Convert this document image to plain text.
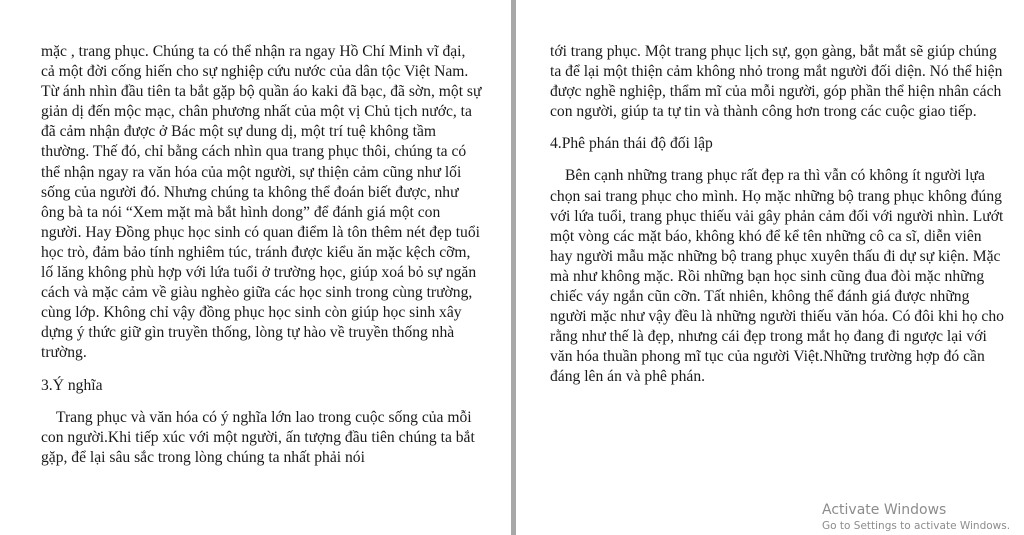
mặc , trang phục. Chúng ta có thể nhận ra ngay Hồ Chí Minh vĩ đại, cả một đời cống hiến cho sự nghiệp cứu nước của dân tộc Việt Nam. Từ ánh nhìn đầu tiên ta bắt gặp bộ quần áo kaki đã bạc, đã sờn, một sự giản dị đến mộc mạc, chân phương nhất của một vị Chủ tịch nước, ta đã cảm nhận được ở Bác một sự dung dị, một trí tuệ không tầm thường. Thế đó, chỉ bằng cách nhìn qua trang phục thôi, chúng ta có thể nhận ngay ra văn hóa của một người, sự thiện cảm cũng như lối sống của người đó. Nhưng chúng ta không thể đoán biết được, như ông bà ta nói “Xem mặt mà bắt hình dong” để đánh giá một con người. Hay Đồng phục học sinh có quan điểm là tôn thêm nét đẹp tuổi học trò, đảm bảo tính nghiêm túc, tránh được kiểu ăn mặc kệch cỡm, lố lăng không phù hợp với lứa tuổi ở trường học, giúp xoá bỏ sự ngăn cách và mặc cảm về giàu nghèo giữa các học sinh trong cùng trường, cùng lớp. Không chỉ vậy đồng phục học sinh còn giúp học sinh xây dựng ý thức giữ gìn truyền thống, lòng tự hào về truyền thống nhà trường.

3.Ý nghĩa

Trang phục và văn hóa có ý nghĩa lớn lao trong cuộc sống của mỗi con người.Khi tiếp xúc với một người, ấn tượng đầu tiên chúng ta bắt gặp, để lại sâu sắc trong lòng chúng ta nhất phải nói

tới trang phục. Một trang phục lịch sự, gọn gàng, bắt mắt sẽ giúp chúng ta để lại một thiện cảm không nhỏ trong mắt người đối diện. Nó thể hiện được nghề nghiệp, thẩm mĩ của mỗi người, góp phần thể hiện nhân cách con người, giúp ta tự tin và thành công hơn trong các cuộc giao tiếp.

4.Phê phán thái độ đối lập

Bên cạnh những trang phục rất đẹp ra thì vẫn có không ít người lựa chọn sai trang phục cho mình. Họ mặc những bộ trang phục không đúng với lứa tuổi, trang phục thiếu vải gây phản cảm đối với người nhìn. Lướt một vòng các mặt báo, không khó để kể tên những cô ca sĩ, diễn viên hay người mẫu mặc những bộ trang phục xuyên thấu đi dự sự kiện. Mặc mà như không mặc. Rồi những bạn học sinh cũng đua đòi mặc những chiếc váy ngắn cũn cỡn. Tất nhiên, không thể đánh giá được những người mặc như vậy đều là những người thiếu văn hóa. Có đôi khi họ cho rằng như thế là đẹp, nhưng cái đẹp trong mắt họ đang đi ngược lại với văn hóa thuần phong mĩ tục của người Việt.Những trường hợp đó cần đáng lên án và phê phán.

Activate Windows
Go to Settings to activate Windows.
